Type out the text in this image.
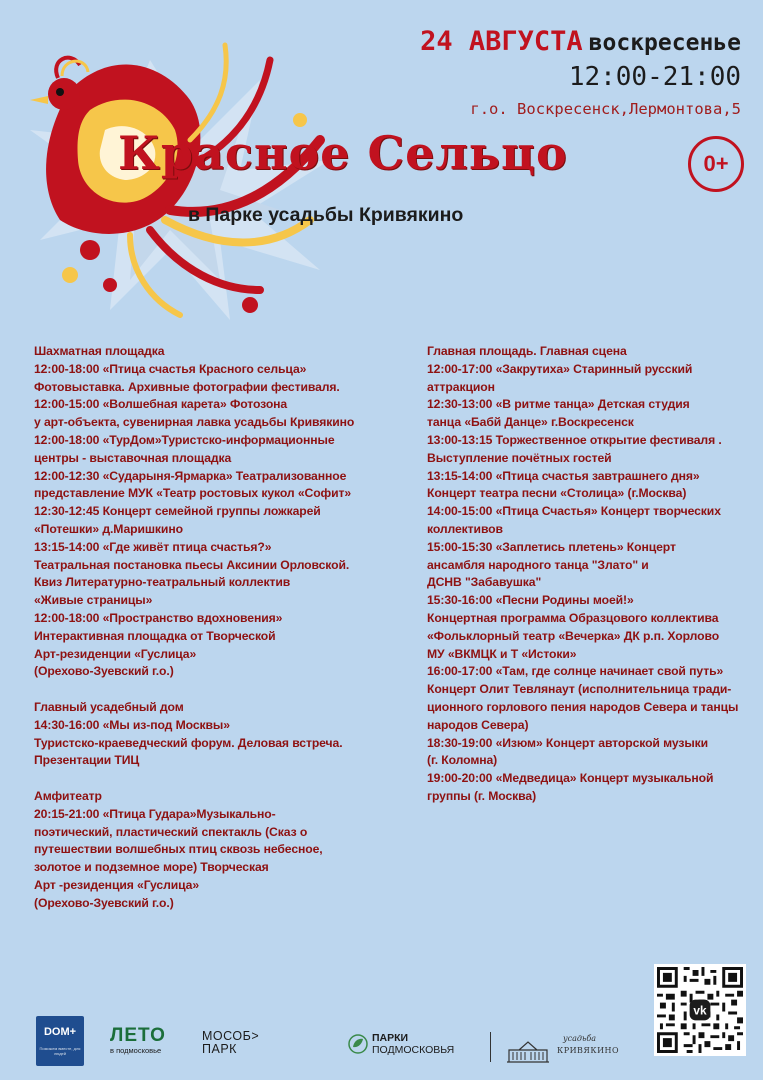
24 АВГУСТА воскресенье
12:00-21:00
г.о. Воскресенск,Лермонтова,5
Красное Сельцо	0+
в Парке усадьбы Кривякино
Шахматная площадка
12:00-18:00 «Птица счастья Красного сельца»
Фотовыставка. Архивные фотографии фестиваля.
12:00-15:00 «Волшебная карета» Фотозона
у арт-объекта, сувенирная лавка усадьбы Кривякино
12:00-18:00 «ТурДом»Туристско-информационные
центры - выставочная площадка
12:00-12:30 «Сударыня-Ярмарка» Театрализованное
представление МУК «Театр ростовых кукол «Софит»
12:30-12:45 Концерт семейной группы ложкарей
«Потешки» д.Маришкино
13:15-14:00 «Где живёт птица счастья?»
Театральная постановка пьесы Аксинии Орловской.
Квиз Литературно-театральный коллектив
«Живые страницы»
12:00-18:00 «Пространство вдохновения»
Интерактивная площадка от Творческой
Арт-резиденции «Гуслица»
(Орехово-Зуевский г.о.)
Главный усадебный дом
14:30-16:00 «Мы из-под Москвы»
Туристско-краеведческий форум. Деловая встреча.
Презентации ТИЦ
Амфитеатр
20:15-21:00 «Птица Гудара»Музыкально-
поэтический, пластический спектакль (Сказ о
путешествии волшебных птиц сквозь небесное,
золотое и подземное море) Творческая
Арт -резиденция «Гуслица»
(Орехово-Зуевский г.о.)
Главная площадь. Главная сцена
12:00-17:00 «Закрутиха» Старинный русский
аттракцион
12:30-13:00 «В ритме танца» Детская студия
танца «Бабй Данце» г.Воскресенск
13:00-13:15 Торжественное открытие фестиваля .
Выступление почётных гостей
13:15-14:00 «Птица счастья завтрашнего дня»
Концерт театра песни «Столица» (г.Москва)
14:00-15:00 «Птица Счастья» Концерт творческих
коллективов
15:00-15:30 «Заплетись плетень» Концерт
ансамбля народного танца "Злато" и
ДСНВ "Забавушка"
15:30-16:00 «Песни Родины моей!»
Концертная программа Образцового коллектива
«Фольклорный театр «Вечерка» ДК р.п. Хорлово
МУ «ВКМЦК и Т «Истоки»
16:00-17:00 «Там, где солнце начинает свой путь»
Концерт Олит Тевлянаут (исполнительница тради-
ционного горлового пения народов Севера и танцы
народов Севера)
18:30-19:00 «Изюм» Концерт авторской музыки
(г. Коломна)
19:00-20:00 «Медведица» Концерт музыкальной
группы (г. Москва)
vk
DOM+
Поможем вместе, для людей
ЛЕТО
в подмосковье
МОСОБ>
ПАРК
ПАРКИ
ПОДМОСКОВЬЯ
усадьба
КРИВЯКИНО
